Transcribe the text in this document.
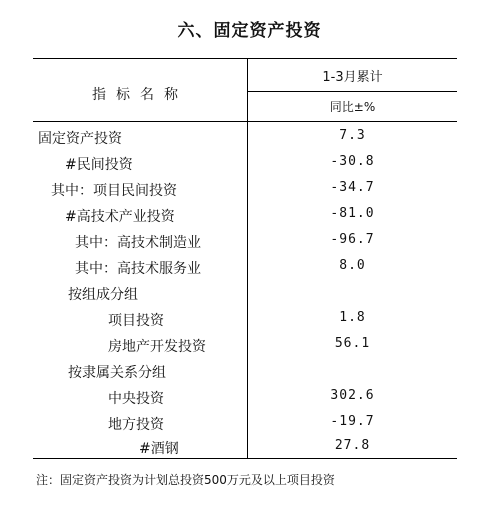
六、固定资产投资
指标名称
1-3月累计
同比±%
固定资产投资	7.3
#民间投资	-30.8
其中：项目民间投资	-34.7
#高技术产业投资	-81.0
其中：高技术制造业	-96.7
其中：高技术服务业	8.0
按组成分组
项目投资	1.8
房地产开发投资	56.1
按隶属关系分组
中央投资	302.6
地方投资	-19.7
#酒钢	27.8
注：固定资产投资为计划总投资500万元及以上项目投资
